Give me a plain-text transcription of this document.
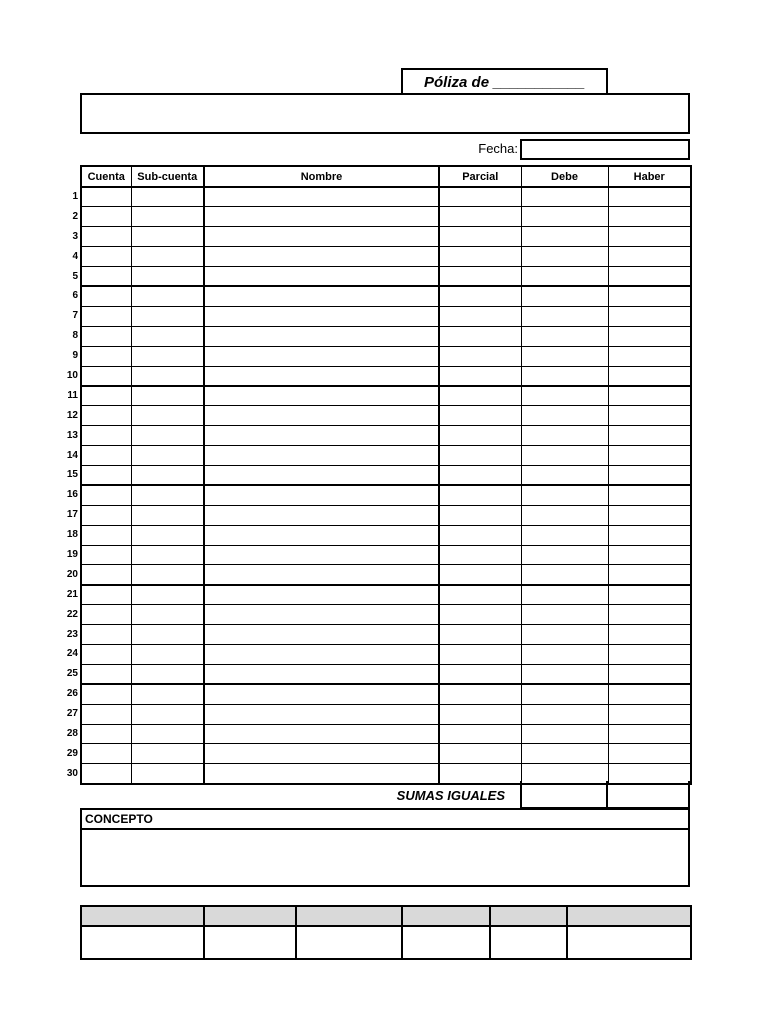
Póliza de ___________
Fecha:
Cuenta	Sub-cuenta	Nombre	Parcial	Debe	Haber

1
2
3
4
5
6
7
8
9
10
11
12
13
14
15
16
17
18
19
20
21
22
23
24
25
26
27
28
29
30
SUMAS IGUALES
CONCEPTO
